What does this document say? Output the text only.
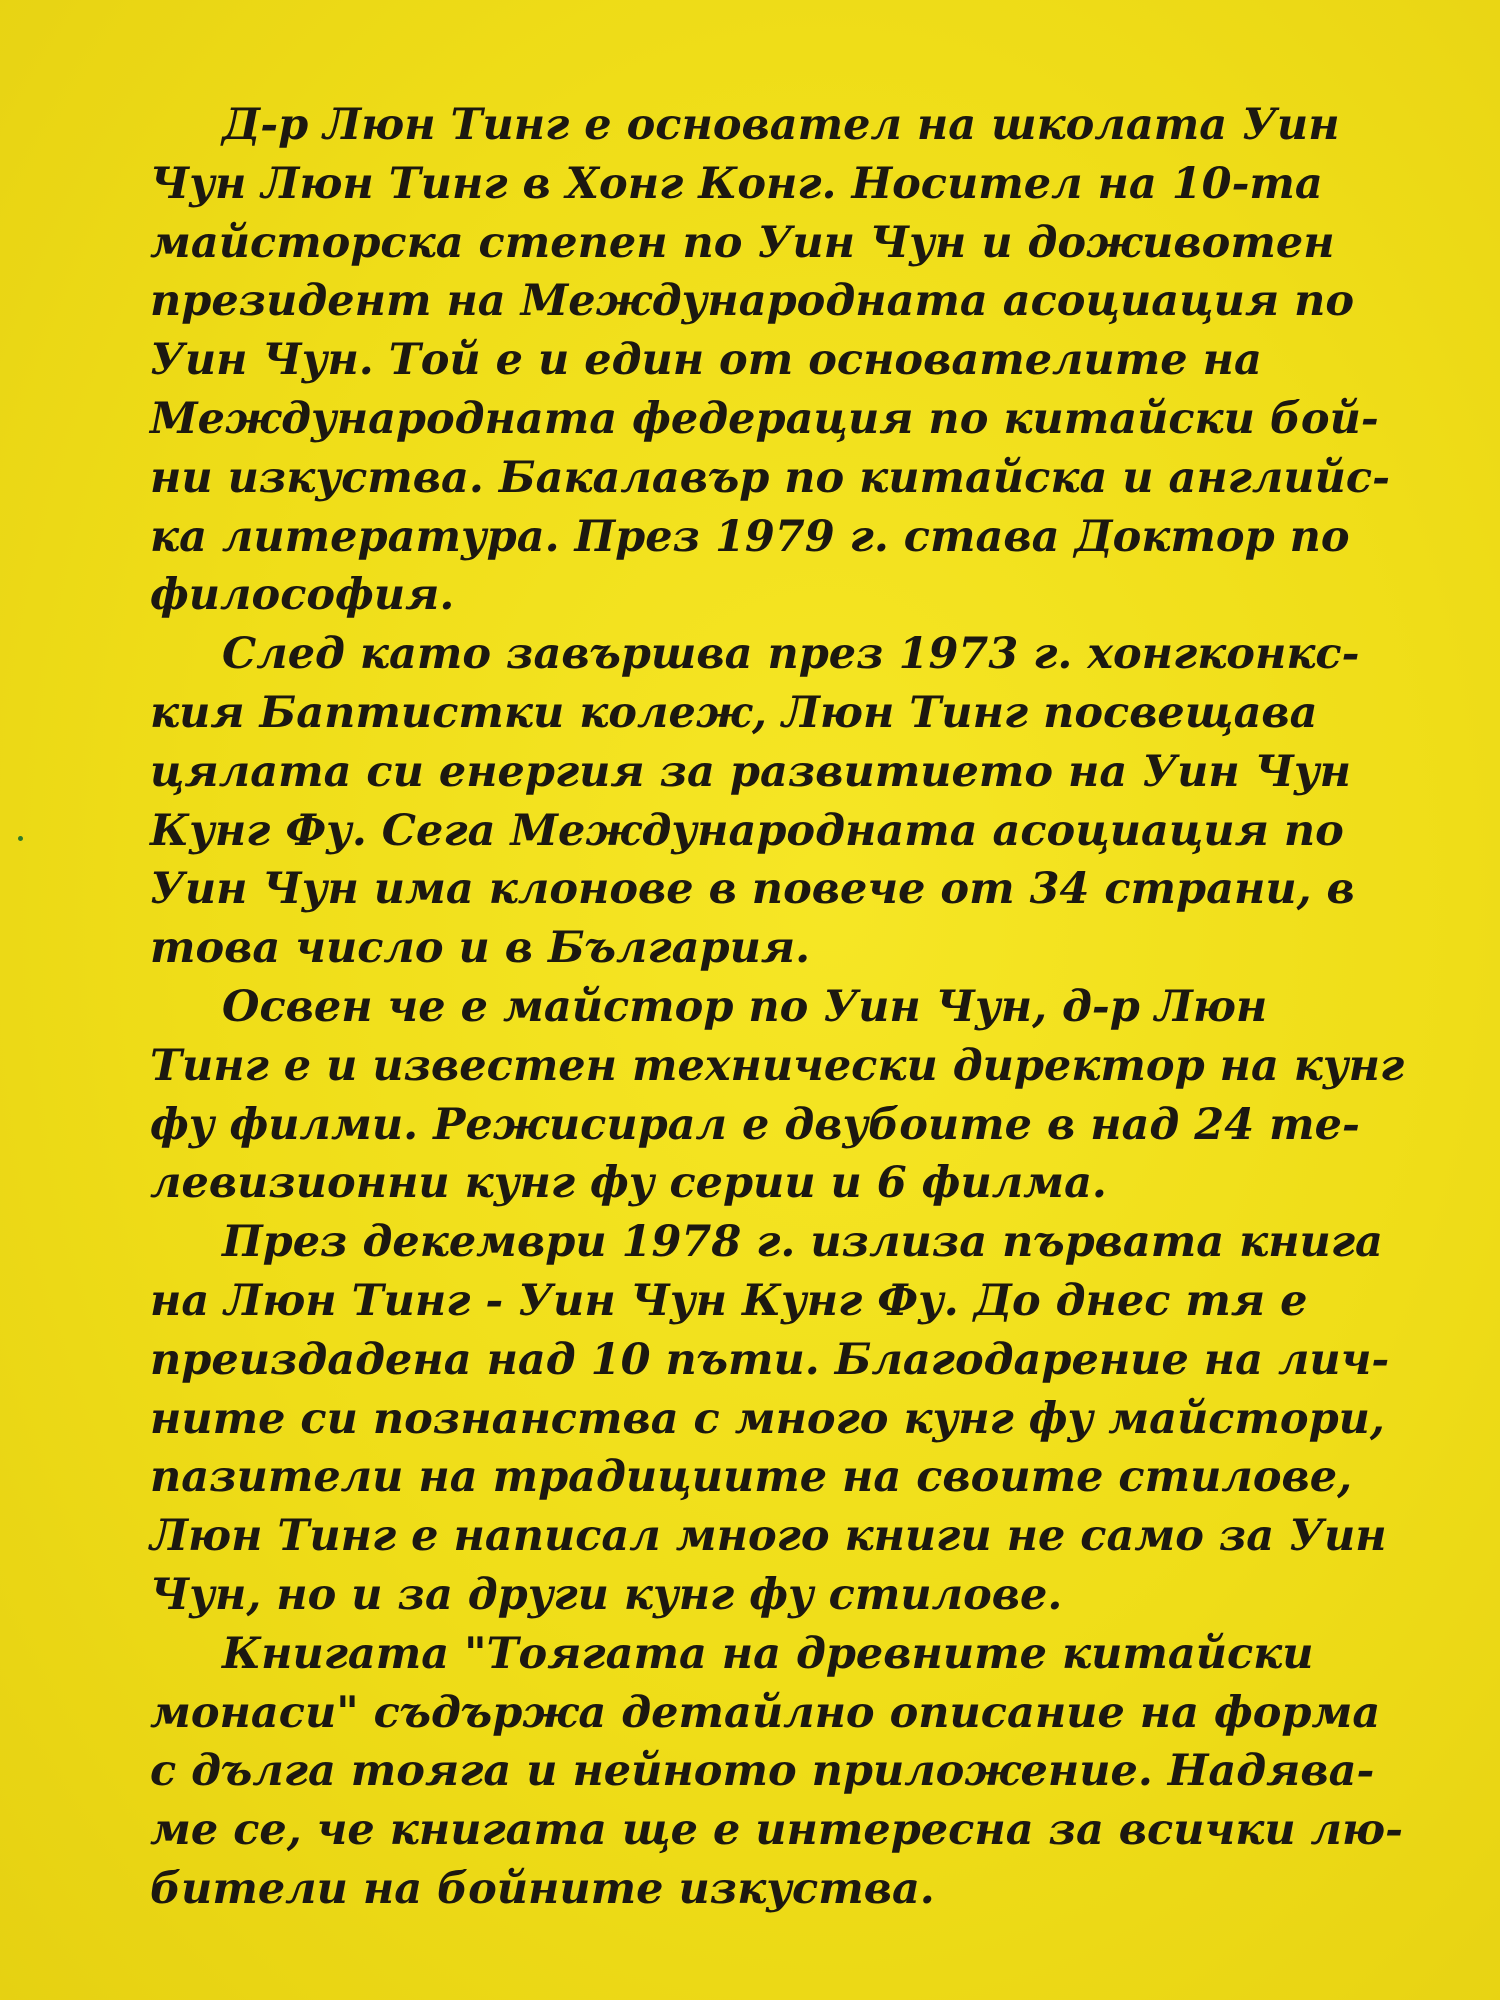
Д-р Люн Тинг е основател на школата Уин
Чун Люн Тинг в Хонг Конг. Носител на 10-та
майсторска степен по Уин Чун и доживотен
президент на Международната асоциация по
Уин Чун. Той е и един от основателите на
Международната федерация по китайски бой-
ни изкуства. Бакалавър по китайска и английс-
ка литература. През 1979 г. става Доктор по
философия.

След като завършва през 1973 г. хонгконкс-
кия Баптистки колеж, Люн Тинг посвещава
цялата си енергия за развитието на Уин Чун
Кунг Фу. Сега Международната асоциация по
Уин Чун има клонове в повече от 34 страни, в
това число и в България.

Освен че е майстор по Уин Чун, д-р Люн
Тинг е и известен технически директор на кунг
фу филми. Режисирал е двубоите в над 24 те-
левизионни кунг фу серии и 6 филма.

През декември 1978 г. излиза първата книга
на Люн Тинг - Уин Чун Кунг Фу. До днес тя е
преиздадена над 10 пъти. Благодарение на лич-
ните си познанства с много кунг фу майстори,
пазители на традициите на своите стилове,
Люн Тинг е написал много книги не само за Уин
Чун, но и за други кунг фу стилове.

Книгата "Тоягата на древните китайски
монаси" съдържа детайлно описание на форма
с дълга тояга и нейното приложение. Надява-
ме се, че книгата ще е интересна за всички лю-
бители на бойните изкуства.
